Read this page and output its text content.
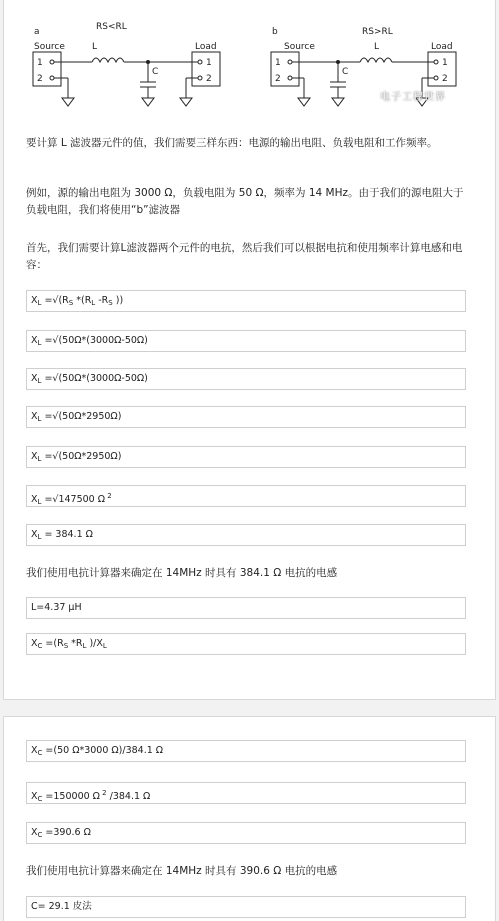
a	RS<RL
Source	L	Load
1
2
C
1
2
b	RS>RL
Source	L	Load
1
2
C
1
2
电子工程世界

要计算 L 滤波器元件的值，我们需要三样东西：电源的输出电阻、负载电阻和工作频率。

例如，源的输出电阻为 3000 Ω，负载电阻为 50 Ω，频率为 14 MHz。由于我们的源电阻大于负载电阻，我们将使用“b”滤波器

首先，我们需要计算L滤波器两个元件的电抗，然后我们可以根据电抗和使用频率计算电感和电容：

$X_L =√(R_S$ $*(R_L$ $-R_S$ ))
$X_L =√(50\Omega*(3000\Omega-50\Omega)$
$X_L =√(50\Omega*(3000\Omega-50\Omega)$
$X_L =√(50\Omega*2950\Omega)$
$X_L =√(50\Omega*2950\Omega)$
$X_L =√147500$ Ω $^2$
$X_L = 384.1$ Ω

我们使用电抗计算器来确定在 14MHz 时具有 384.1 Ω 电抗的电感

L=4.37 μH
$X_C =(R_S$ $*R_L$ )$/X_L$
$X_C =(50$ Ω*3000 Ω)/384.1 Ω
$X_C =150000$ Ω $^2$ /384.1 Ω
$X_C =390.6$ Ω

我们使用电抗计算器来确定在 14MHz 时具有 390.6 Ω 电抗的电感

C= 29.1 皮法
